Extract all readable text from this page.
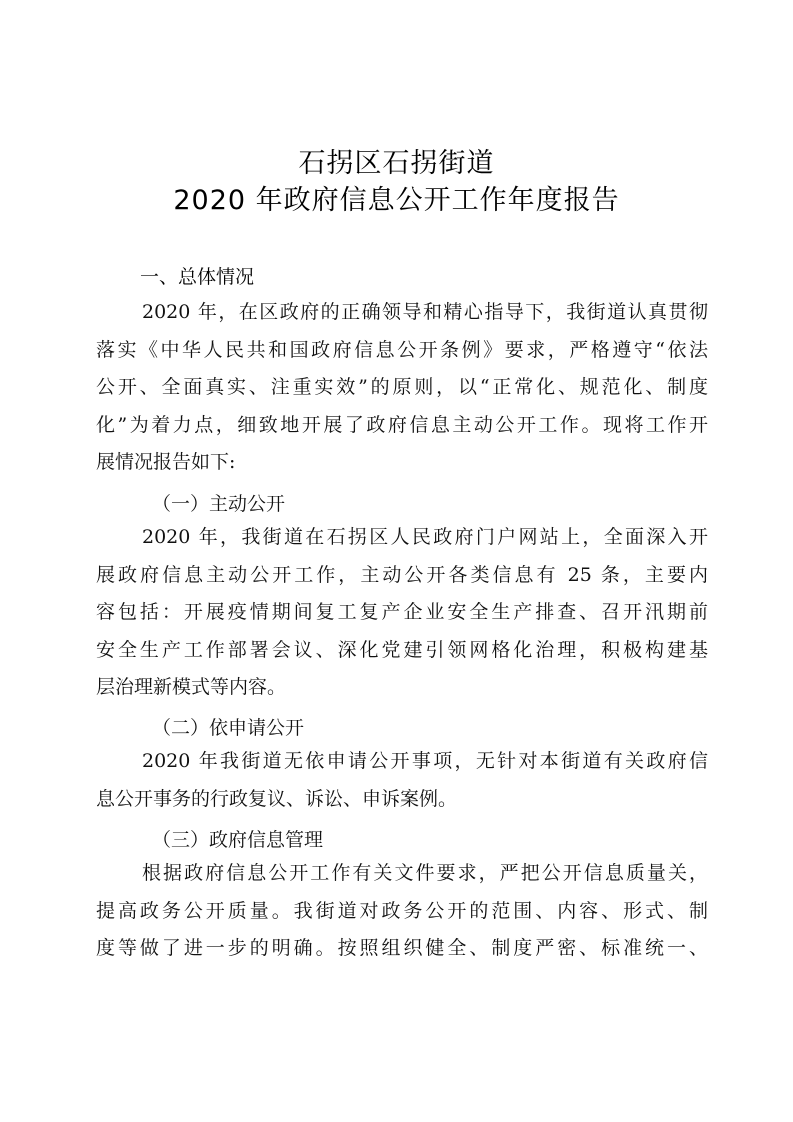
石拐区石拐街道
2020 年政府信息公开工作年度报告
一、总体情况
2020 年，在区政府的正确领导和精心指导下，我街道认真贯彻
落实《中华人民共和国政府信息公开条例》要求，严格遵守“依法
公开、全面真实、注重实效”的原则，以“正常化、规范化、制度
化”为着力点，细致地开展了政府信息主动公开工作。现将工作开
展情况报告如下:
（一）主动公开
2020 年，我街道在石拐区人民政府门户网站上，全面深入开
展政府信息主动公开工作，主动公开各类信息有 25 条，主要内
容包括：开展疫情期间复工复产企业安全生产排查、召开汛期前
安全生产工作部署会议、深化党建引领网格化治理，积极构建基
层治理新模式等内容。
（二）依申请公开
2020 年我街道无依申请公开事项，无针对本街道有关政府信
息公开事务的行政复议、诉讼、申诉案例。
（三）政府信息管理
根据政府信息公开工作有关文件要求，严把公开信息质量关，
提高政务公开质量。我街道对政务公开的范围、内容、形式、制
度等做了进一步的明确。按照组织健全、制度严密、标准统一、
